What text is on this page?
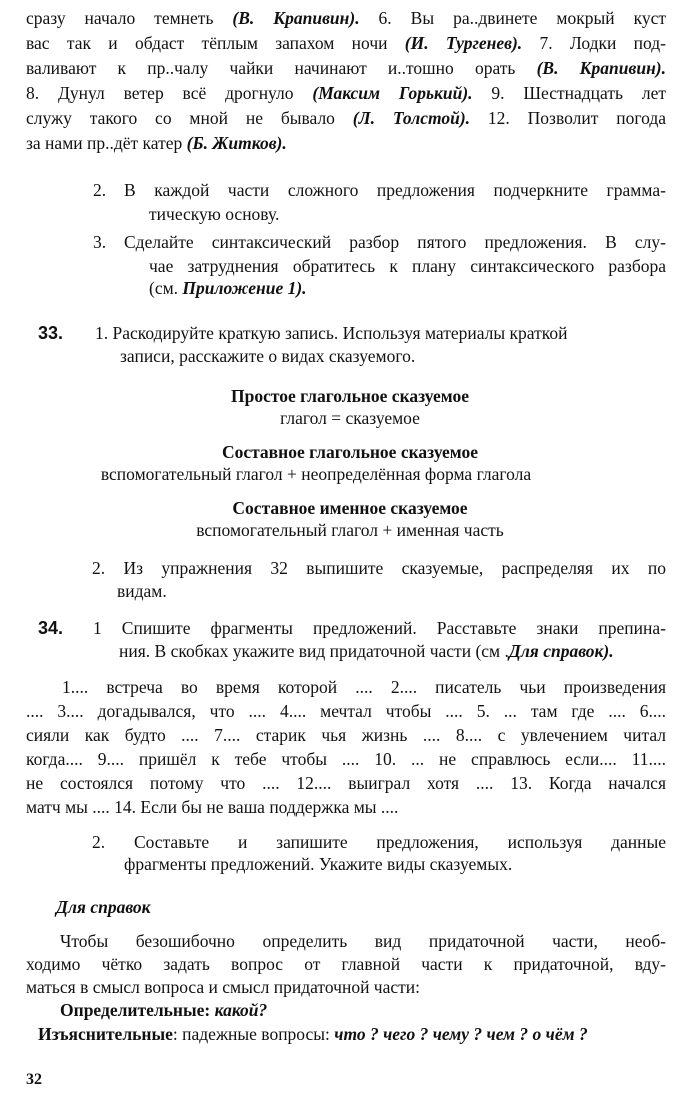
сразу начало темнеть (В. Крапивин). 6. Вы ра..двинете мокрый куст
вас так и обдаст тёплым запахом ночи (И. Тургенев). 7. Лодки под-
валивают к пр..чалу чайки начинают и..тошно орать (В. Крапивин).
8. Дунул ветер всё дрогнуло (Максим Горький). 9. Шестнадцать лет
служу такого со мной не бывало (Л. Толстой). 12. Позволит погода
за нами пр..дёт катер (Б. Житков).
2. В каждой части сложного предложения подчеркните граммa-
тическую основу.
3. Сделайте синтаксический разбор пятого предложения. В слу-
чае затруднения обратитесь к плану синтаксического разбора
(см. Приложение 1).
33. 1. Раскодируйте краткую запись. Используя материалы краткой
записи, расскажите о видах сказуемого.
Простое глагольное сказуемое
глагол = сказуемое
Составное глагольное сказуемое
вспомогательный глагол + неопределённая форма глагола
Составное именное сказуемое
вспомогательный глагол + именная часть
2. Из упражнения 32 выпишите сказуемые, распределяя их по
видам.
34. 1 Спишите фрагменты предложений. Расставьте знаки препина-
ния. В скобках укажите вид придаточной части (см .Для справок).
1.... встреча во время которой .... 2.... писатель чьи произведения
.... 3.... догадывался, что .... 4.... мечтал чтобы .... 5. ... там где .... 6....
сияли как будто .... 7.... старик чья жизнь .... 8.... с увлечением читал
когда.... 9.... пришёл к тебе чтобы .... 10. ... не справлюсь если.... 11....
не состоялся потому что .... 12.... выиграл хотя .... 13. Когда начался
матч мы .... 14. Если бы не ваша поддержка мы ....
2. Составьте и запишите предложения, используя данные
фрагменты предложений. Укажите виды сказуемых.
Для справок
Чтобы безошибочно определить вид придаточной части, необ-
ходимо чётко задать вопрос от главной части к придаточной, вду-
маться в смысл вопроса и смысл придаточной части:
Определительные: какой?
Изъяснительные: падежные вопросы: что ? чего ? чему ? чем ? о чём ?
32
